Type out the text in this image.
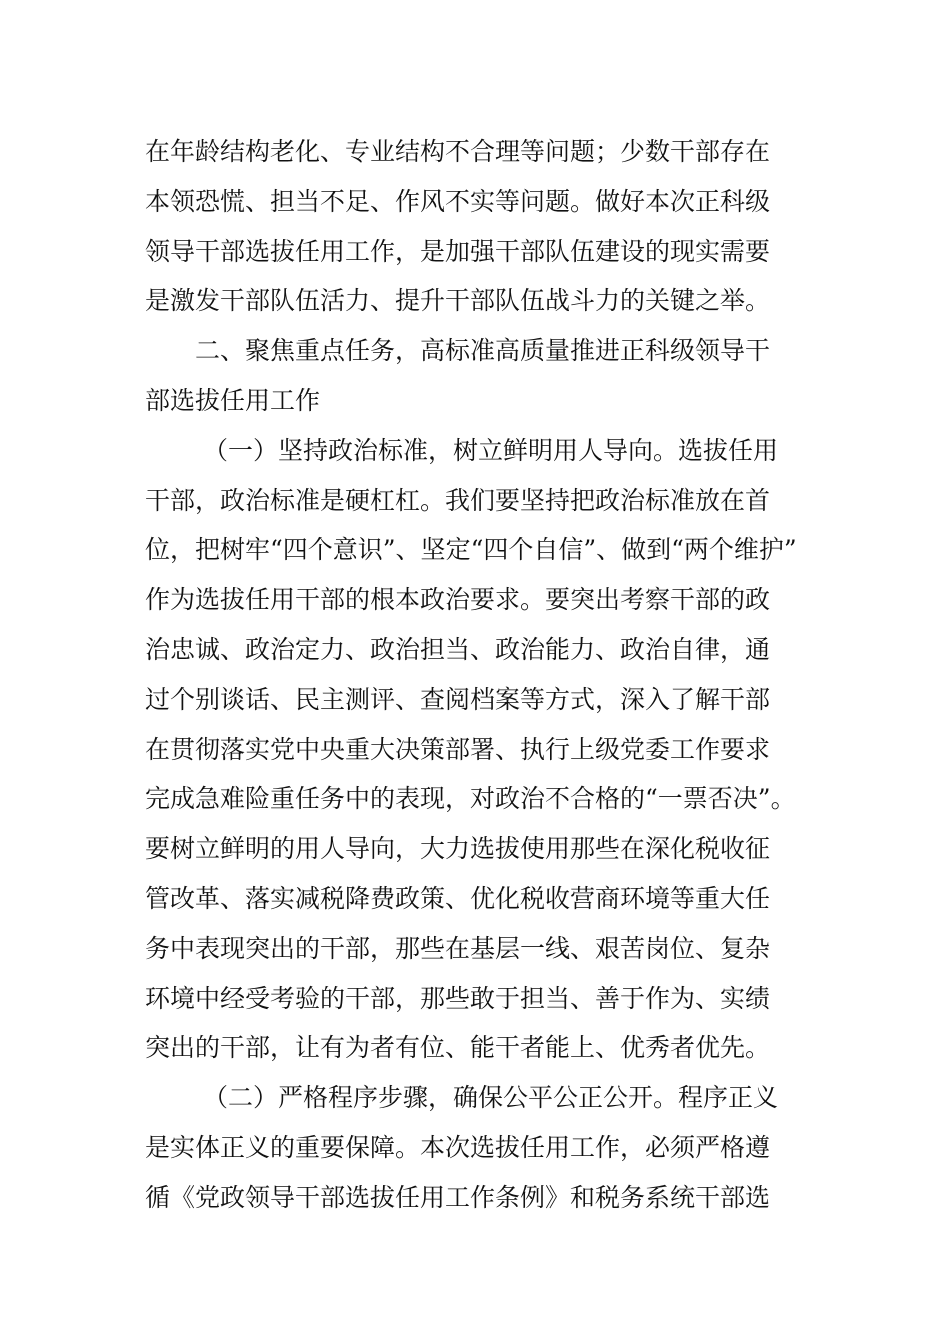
在年龄结构老化、专业结构不合理等问题；少数干部存在
本领恐慌、担当不足、作风不实等问题。做好本次正科级
领导干部选拔任用工作，是加强干部队伍建设的现实需要
是激发干部队伍活力、提升干部队伍战斗力的关键之举。
二、聚焦重点任务，高标准高质量推进正科级领导干
部选拔任用工作
（一）坚持政治标准，树立鲜明用人导向。选拔任用
干部，政治标准是硬杠杠。我们要坚持把政治标准放在首
位，把树牢“四个意识”、坚定“四个自信”、做到“两个维护”
作为选拔任用干部的根本政治要求。要突出考察干部的政
治忠诚、政治定力、政治担当、政治能力、政治自律，通
过个别谈话、民主测评、查阅档案等方式，深入了解干部
在贯彻落实党中央重大决策部署、执行上级党委工作要求
完成急难险重任务中的表现，对政治不合格的“一票否决”。
要树立鲜明的用人导向，大力选拔使用那些在深化税收征
管改革、落实减税降费政策、优化税收营商环境等重大任
务中表现突出的干部，那些在基层一线、艰苦岗位、复杂
环境中经受考验的干部，那些敢于担当、善于作为、实绩
突出的干部，让有为者有位、能干者能上、优秀者优先。
（二）严格程序步骤，确保公平公正公开。程序正义
是实体正义的重要保障。本次选拔任用工作，必须严格遵
循《党政领导干部选拔任用工作条例》和税务系统干部选
